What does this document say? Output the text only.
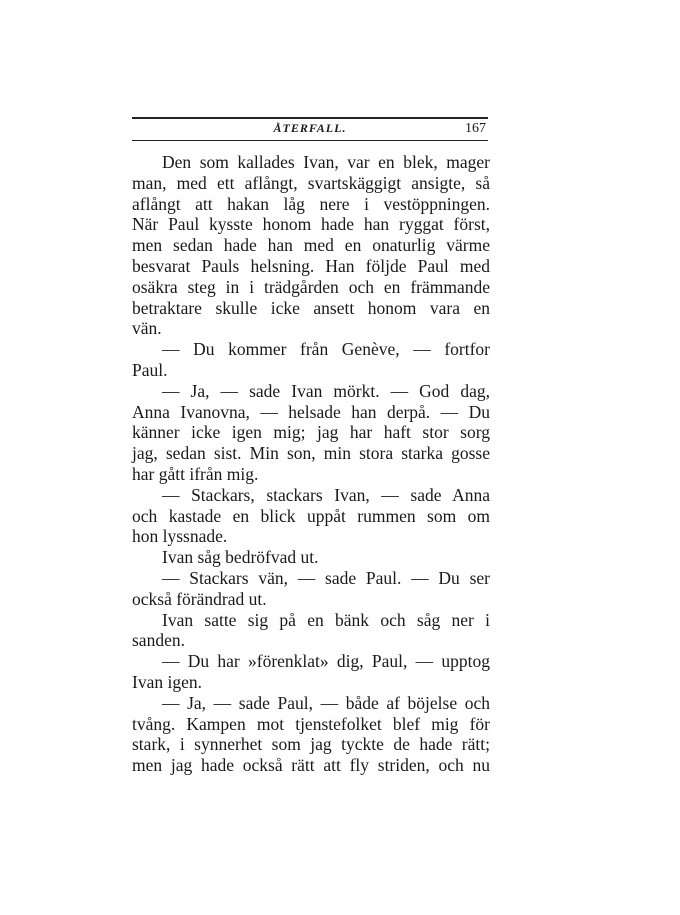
ÅTERFALL.	167
Den som kallades Ivan, var en blek, mager
man, med ett aflångt, svartskäggigt ansigte, så
aflångt att hakan låg nere i vestöppningen.
När Paul kysste honom hade han ryggat först,
men sedan hade han med en onaturlig värme
besvarat Pauls helsning. Han följde Paul med
osäkra steg in i trädgården och en främmande
betraktare skulle icke ansett honom vara en
vän.
— Du kommer från Genève, — fortfor
Paul.
— Ja, — sade Ivan mörkt. — God dag,
Anna Ivanovna, — helsade han derpå. — Du
känner icke igen mig; jag har haft stor sorg
jag, sedan sist. Min son, min stora starka gosse
har gått ifrån mig.
— Stackars, stackars Ivan, — sade Anna
och kastade en blick uppåt rummen som om
hon lyssnade.
Ivan såg bedröfvad ut.
— Stackars vän, — sade Paul. — Du ser
också förändrad ut.
Ivan satte sig på en bänk och såg ner i
sanden.
— Du har »förenklat» dig, Paul, — upptog
Ivan igen.
— Ja, — sade Paul, — både af böjelse och
tvång. Kampen mot tjenstefolket blef mig för
stark, i synnerhet som jag tyckte de hade rätt;
men jag hade också rätt att fly striden, och nu
